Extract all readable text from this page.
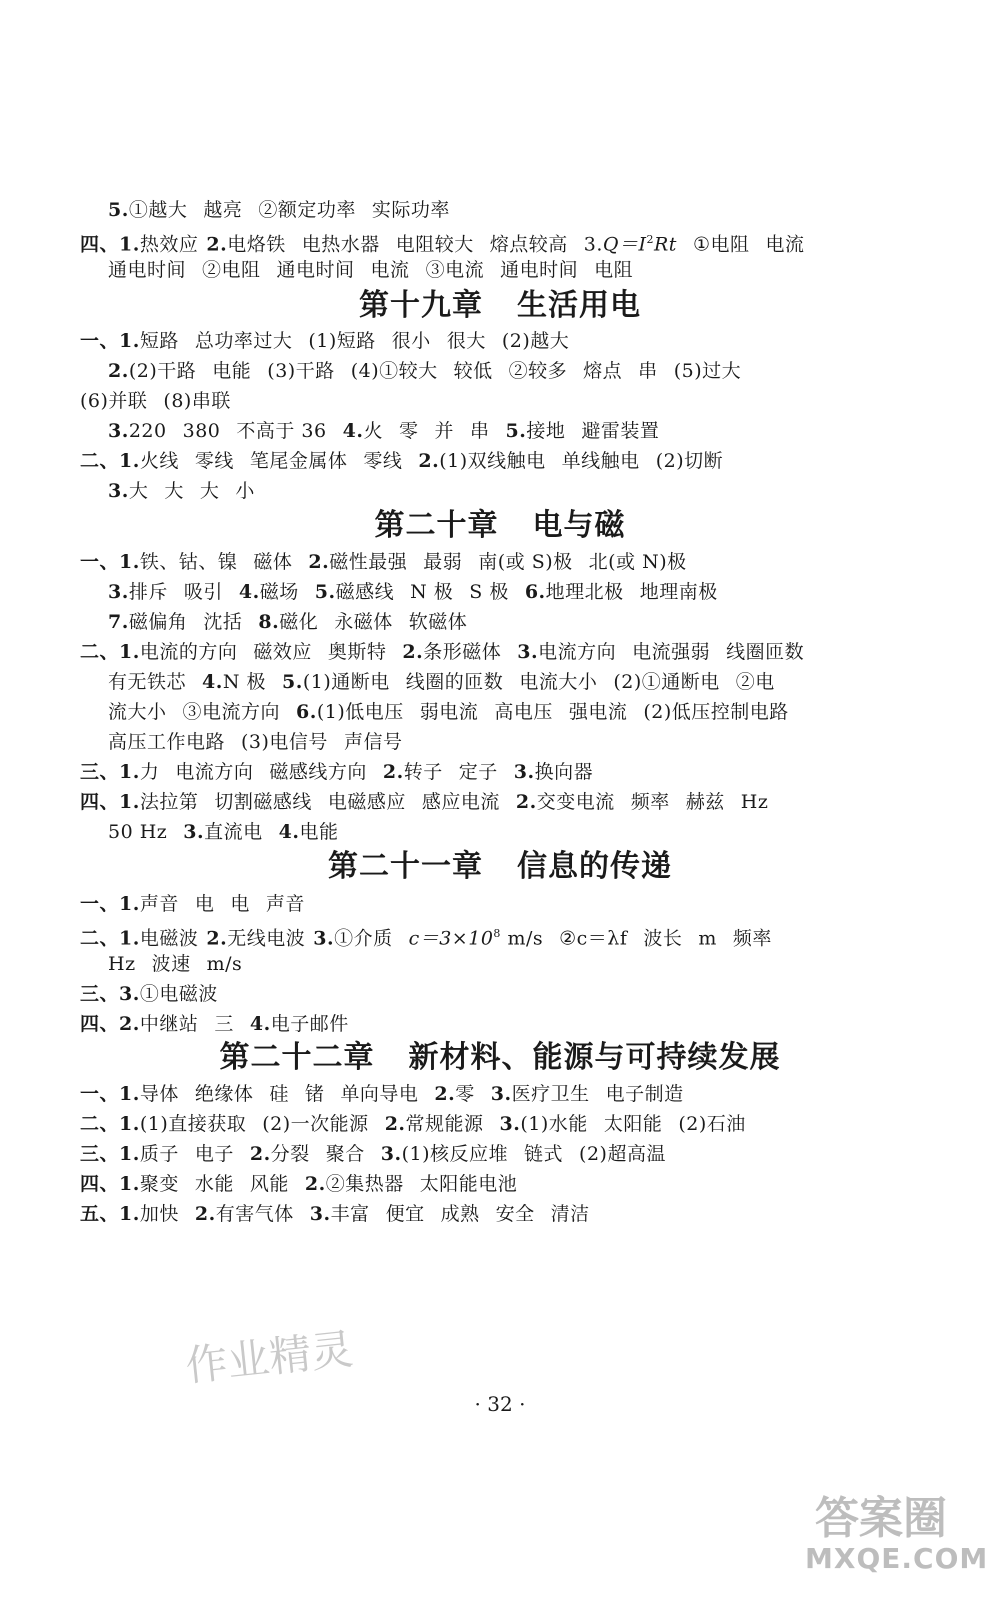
5.①越大 越亮 ②额定功率 实际功率
四、1.热效应 2.电烙铁 电热水器 电阻较大 熔点较高 $3.Q=I^2Rt$ ①电阻 电流
通电时间 ②电阻 通电时间 电流 ③电流 通电时间 电阻
第十九章 生活用电
一、1.短路 总功率过大 (1)短路 很小 很大 (2)越大
2.(2)干路 电能 (3)干路 (4)①较大 较低 ②较多 熔点 串 (5)过大
(6)并联 (8)串联
3.220 380 不高于 36 4.火 零 并 串 5.接地 避雷装置
二、1.火线 零线 笔尾金属体 零线 2.(1)双线触电 单线触电 (2)切断
3.大 大 大 小
第二十章 电与磁
一、1.铁、钴、镍 磁体 2.磁性最强 最弱 南(或 S)极 北(或 N)极
3.排斥 吸引 4.磁场 5.磁感线 N 极 S 极 6.地理北极 地理南极
7.磁偏角 沈括 8.磁化 永磁体 软磁体
二、1.电流的方向 磁效应 奥斯特 2.条形磁体 3.电流方向 电流强弱 线圈匝数
有无铁芯 4.N 极 5.(1)通断电 线圈的匝数 电流大小 (2)①通断电 ②电
流大小 ③电流方向 6.(1)低电压 弱电流 高电压 强电流 (2)低压控制电路
高压工作电路 (3)电信号 声信号
三、1.力 电流方向 磁感线方向 2.转子 定子 3.换向器
四、1.法拉第 切割磁感线 电磁感应 感应电流 2.交变电流 频率 赫兹 Hz
50 Hz 3.直流电 4.电能
第二十一章 信息的传递
一、1.声音 电 电 声音
二、1.电磁波 2.无线电波 3.①介质 $c=3\times 10^8$ m/s ②c＝λf 波长 m 频率
Hz 波速 m/s
三、3.①电磁波
四、2.中继站 三 4.电子邮件
第二十二章 新材料、能源与可持续发展
一、1.导体 绝缘体 硅 锗 单向导电 2.零 3.医疗卫生 电子制造
二、1.(1)直接获取 (2)一次能源 2.常规能源 3.(1)水能 太阳能 (2)石油
三、1.质子 电子 2.分裂 聚合 3.(1)核反应堆 链式 (2)超高温
四、1.聚变 水能 风能 2.②集热器 太阳能电池
五、1.加快 2.有害气体 3.丰富 便宜 成熟 安全 清洁
作业精灵
答案圈
MXQE.COM
· 32 ·
